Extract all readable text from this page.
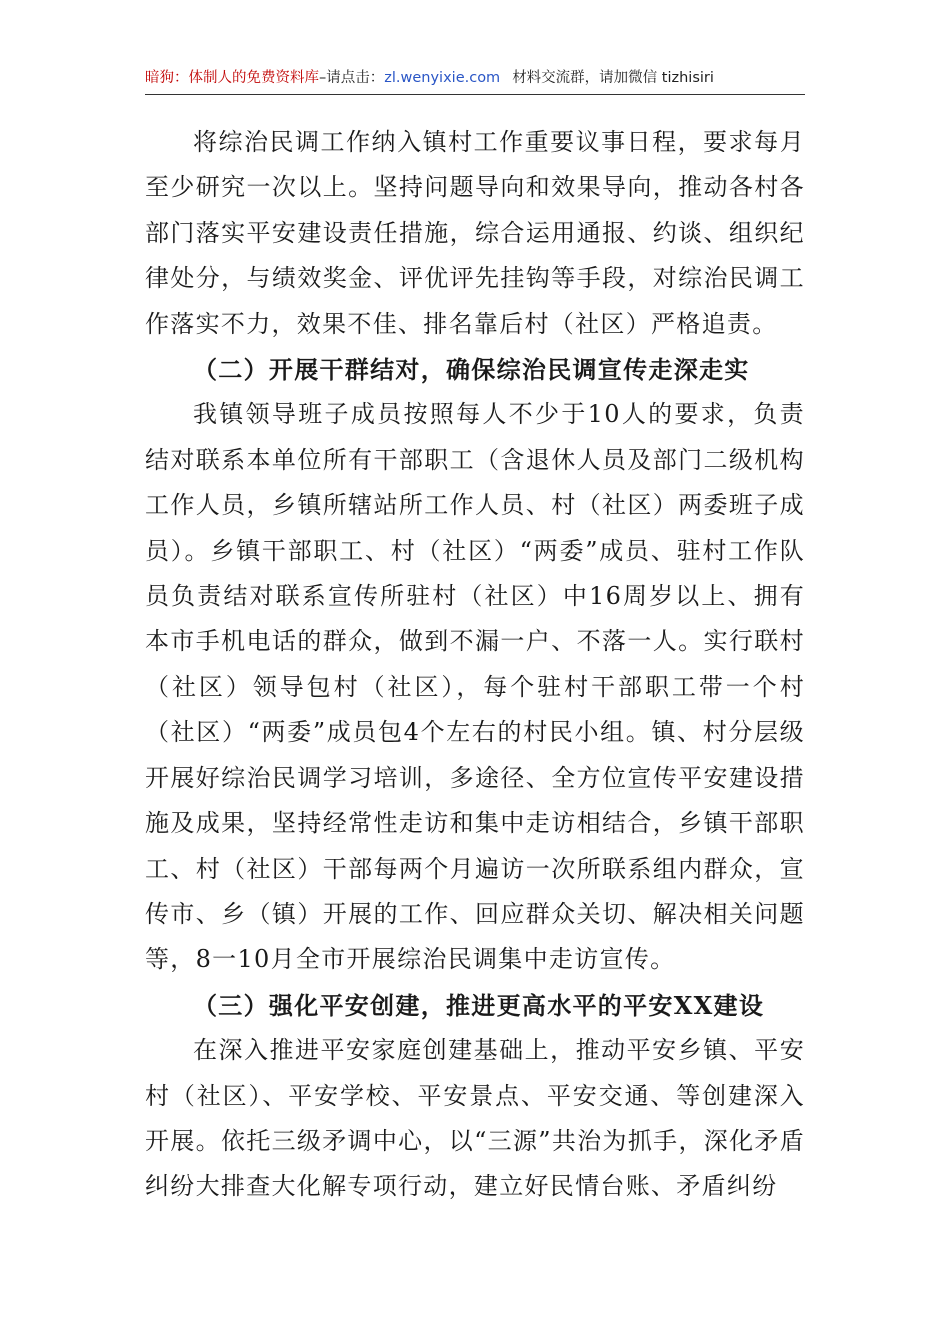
暗狗：体制人的免费资料库–请点击：zl.wenyixie.com 材料交流群，请加微信 tizhisiri

将综治民调工作纳入镇村工作重要议事日程，要求每月至少研究一次以上。坚持问题导向和效果导向，推动各村各部门落实平安建设责任措施，综合运用通报、约谈、组织纪律处分，与绩效奖金、评优评先挂钩等手段，对综治民调工作落实不力，效果不佳、排名靠后村（社区）严格追责。

（二）开展干群结对，确保综治民调宣传走深走实

我镇领导班子成员按照每人不少于10人的要求，负责结对联系本单位所有干部职工（含退休人员及部门二级机构工作人员，乡镇所辖站所工作人员、村（社区）两委班子成员）。乡镇干部职工、村（社区）“两委”成员、驻村工作队员负责结对联系宣传所驻村（社区）中16周岁以上、拥有本市手机电话的群众，做到不漏一户、不落一人。实行联村（社区）领导包村（社区），每个驻村干部职工带一个村（社区）“两委”成员包4个左右的村民小组。镇、村分层级开展好综治民调学习培训，多途径、全方位宣传平安建设措施及成果，坚持经常性走访和集中走访相结合，乡镇干部职工、村（社区）干部每两个月遍访一次所联系组内群众，宣传市、乡（镇）开展的工作、回应群众关切、解决相关问题等，8一10月全市开展综治民调集中走访宣传。

（三）强化平安创建，推进更高水平的平安XX建设

在深入推进平安家庭创建基础上，推动平安乡镇、平安村（社区）、平安学校、平安景点、平安交通、等创建深入开展。依托三级矛调中心，以“三源”共治为抓手，深化矛盾纠纷大排查大化解专项行动，建立好民情台账、矛盾纠纷
